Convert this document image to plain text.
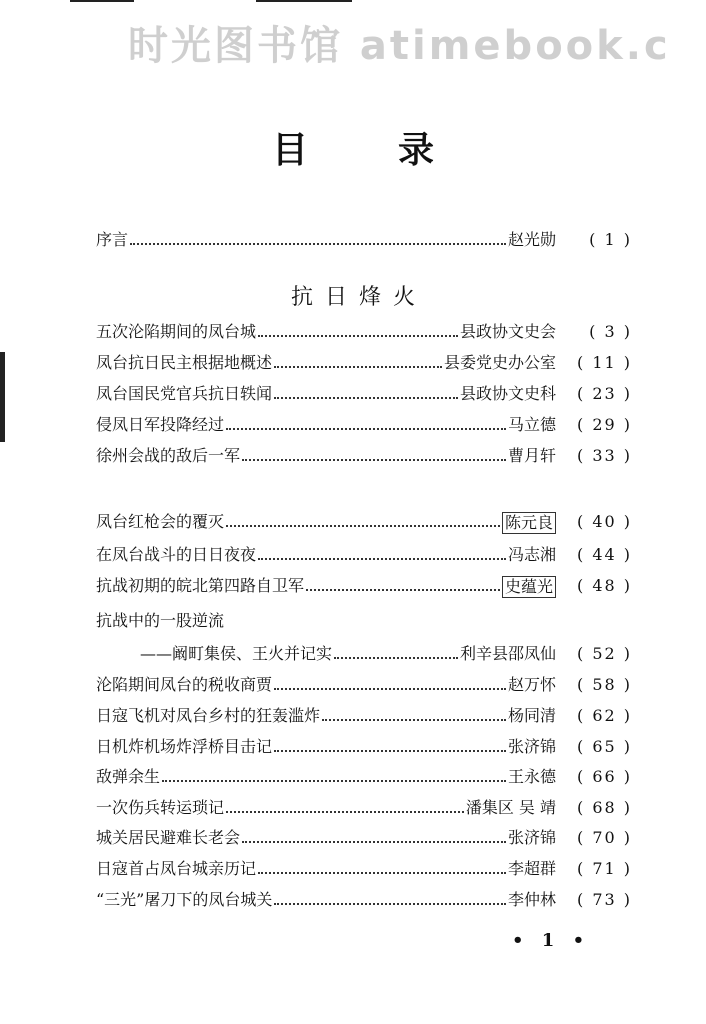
时光图书馆 atimebook.c
目录
序言	赵光勋	( 1 )
抗日烽火
五次沦陷期间的凤台城	县政协文史会	( 3 )
凤台抗日民主根据地概述	县委党史办公室	( 11 )
凤台国民党官兵抗日轶闻	县政协文史科	( 23 )
侵凤日军投降经过	马立德	( 29 )
徐州会战的敌后一军	曹月轩	( 33 )
凤台红枪会的覆灭	陈元良	( 40 )
在凤台战斗的日日夜夜	冯志湘	( 44 )
抗战初期的皖北第四路自卫军	史蕴光	( 48 )
抗战中的一股逆流
——阚町集侯、王火并记实	利辛县邵凤仙	( 52 )
沦陷期间凤台的税收商贾	赵万怀	( 58 )
日寇飞机对凤台乡村的狂轰滥炸	杨同清	( 62 )
日机炸机场炸浮桥目击记	张济锦	( 65 )
敌弹余生	王永德	( 66 )
一次伤兵转运琐记	潘集区 吴 靖	( 68 )
城关居民避难长老会	张济锦	( 70 )
日寇首占凤台城亲历记	李超群	( 71 )
“三光”屠刀下的凤台城关	李仲林	( 73 )
• 1 •
